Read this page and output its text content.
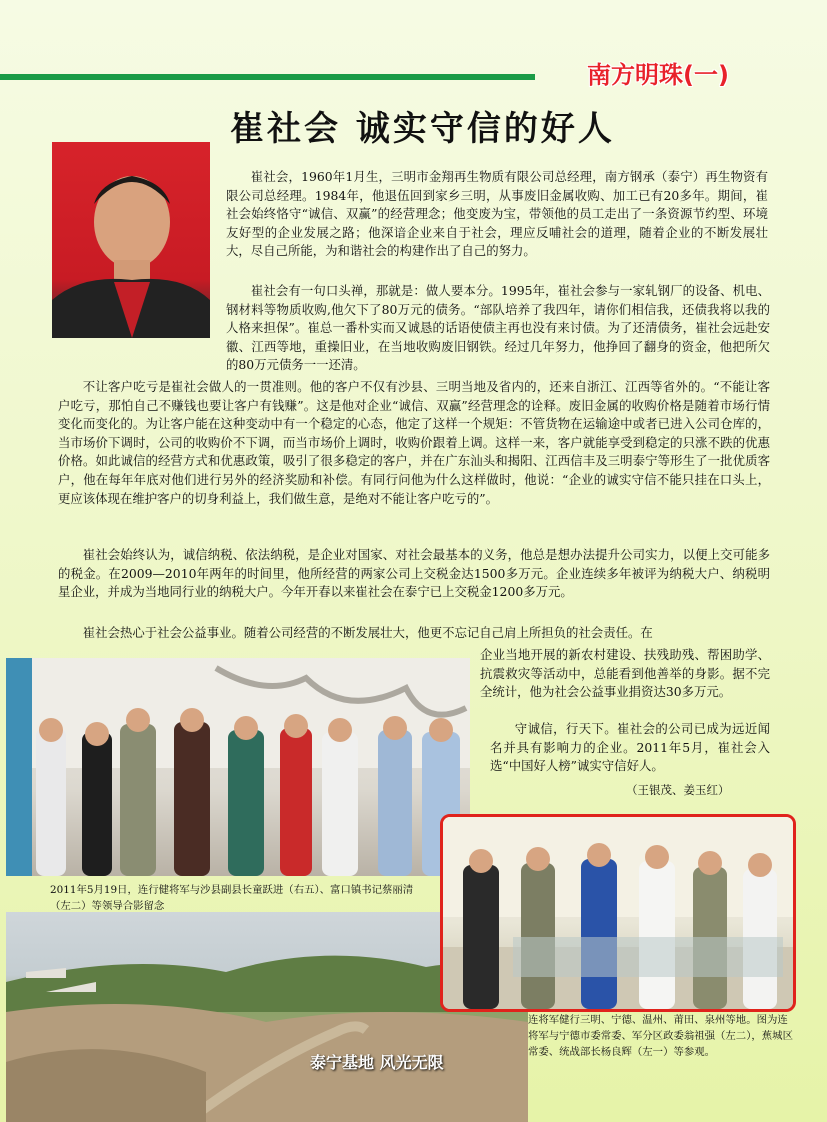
南方明珠(一)
崔社会 诚实守信的好人
崔社会，1960年1月生，三明市金翔再生物质有限公司总经理，南方钢承（泰宁）再生物资有限公司总经理。1984年，他退伍回到家乡三明，从事废旧金属收购、加工已有20多年。期间，崔社会始终恪守“诚信、双赢”的经营理念；他变废为宝，带领他的员工走出了一条资源节约型、环境友好型的企业发展之路；他深谙企业来自于社会，理应反哺社会的道理，随着企业的不断发展壮大，尽自己所能，为和谐社会的构建作出了自己的努力。
崔社会有一句口头禅，那就是：做人要本分。1995年，崔社会参与一家轧钢厂的设备、机电、钢材料等物质收购,他欠下了80万元的债务。“部队培养了我四年，请你们相信我，还债我将以我的人格来担保”。崔总一番朴实而又诚恳的话语使债主再也没有来讨债。为了还清债务，崔社会远赴安徽、江西等地，重操旧业，在当地收购废旧钢铁。经过几年努力，他挣回了翻身的资金，他把所欠的80万元债务一一还清。
不让客户吃亏是崔社会做人的一贯准则。他的客户不仅有沙县、三明当地及省内的，还来自浙江、江西等省外的。“不能让客户吃亏，那怕自己不赚钱也要让客户有钱赚”。这是他对企业“诚信、双赢”经营理念的诠释。废旧金属的收购价格是随着市场行情变化而变化的。为让客户能在这种变动中有一个稳定的心态，他定了这样一个规矩：不管货物在运输途中或者已进入公司仓库的，当市场价下调时，公司的收购价不下调，而当市场价上调时，收购价跟着上调。这样一来，客户就能享受到稳定的只涨不跌的优惠价格。如此诚信的经营方式和优惠政策，吸引了很多稳定的客户，并在广东汕头和揭阳、江西信丰及三明泰宁等形生了一批优质客户，他在每年年底对他们进行另外的经济奖励和补偿。有同行问他为什么这样做时，他说：“企业的诚实守信不能只挂在口头上，更应该体现在维护客户的切身利益上，我们做生意，是绝对不能让客户吃亏的”。
崔社会始终认为，诚信纳税、依法纳税，是企业对国家、对社会最基本的义务，他总是想办法提升公司实力，以便上交可能多的税金。在2009—2010年两年的时间里，他所经营的两家公司上交税金达1500多万元。企业连续多年被评为纳税大户、纳税明星企业，并成为当地同行业的纳税大户。今年开春以来崔社会在泰宁已上交税金1200多万元。
崔社会热心于社会公益事业。随着公司经营的不断发展壮大，他更不忘记自己肩上所担负的社会责任。在
2011年5月19日，连行健将军与沙县副县长童跃进（右五）、富口镇书记蔡丽清（左二）等领导合影留念
泰宁基地 风光无限
企业当地开展的新农村建设、扶残助残、帮困助学、抗震救灾等活动中，总能看到他善举的身影。据不完全统计，他为社会公益事业捐资达30多万元。
守诚信，行天下。崔社会的公司已成为远近闻名并具有影响力的企业。2011年5月，崔社会入选“中国好人榜”诚实守信好人。
（王银茂、姜玉红）
连将军健行三明、宁德、温州、莆田、泉州等地。图为连将军与宁德市委常委、军分区政委翁祖强（左二），蕉城区常委、统战部长杨良辉（左一）等参观。
